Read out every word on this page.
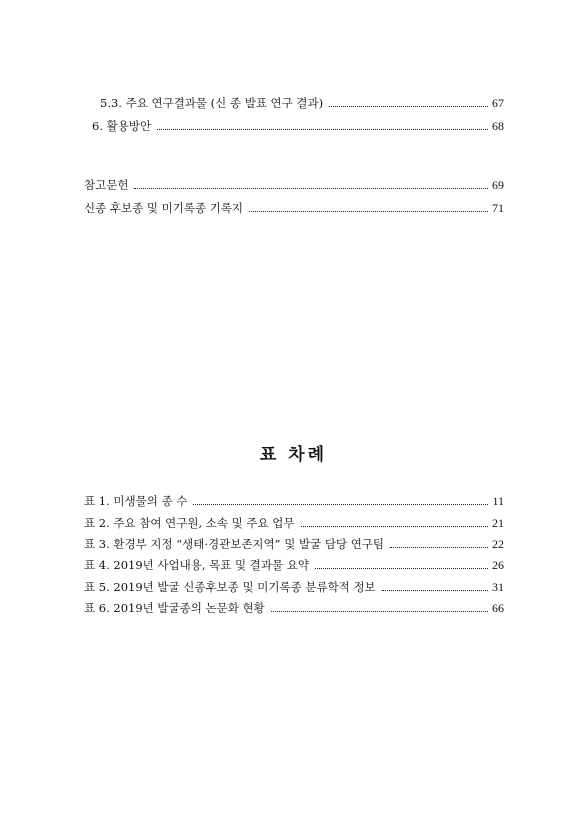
5.3. 주요 연구결과물 (신 종 발표 연구 결과)	67
6. 활용방안	68
참고문헌	69
신종 후보종 및 미기록종 기록지	71
표 차례
표 1. 미생물의 종 수	11
표 2. 주요 참여 연구원, 소속 및 주요 업무	21
표 3. 환경부 지정 “생태·경관보존지역” 및 발굴 담당 연구팀	22
표 4. 2019년 사업내용, 목표 및 결과물 요약	26
표 5. 2019년 발굴 신종후보종 및 미기록종 분류학적 정보	31
표 6. 2019년 발굴종의 논문화 현황	66
